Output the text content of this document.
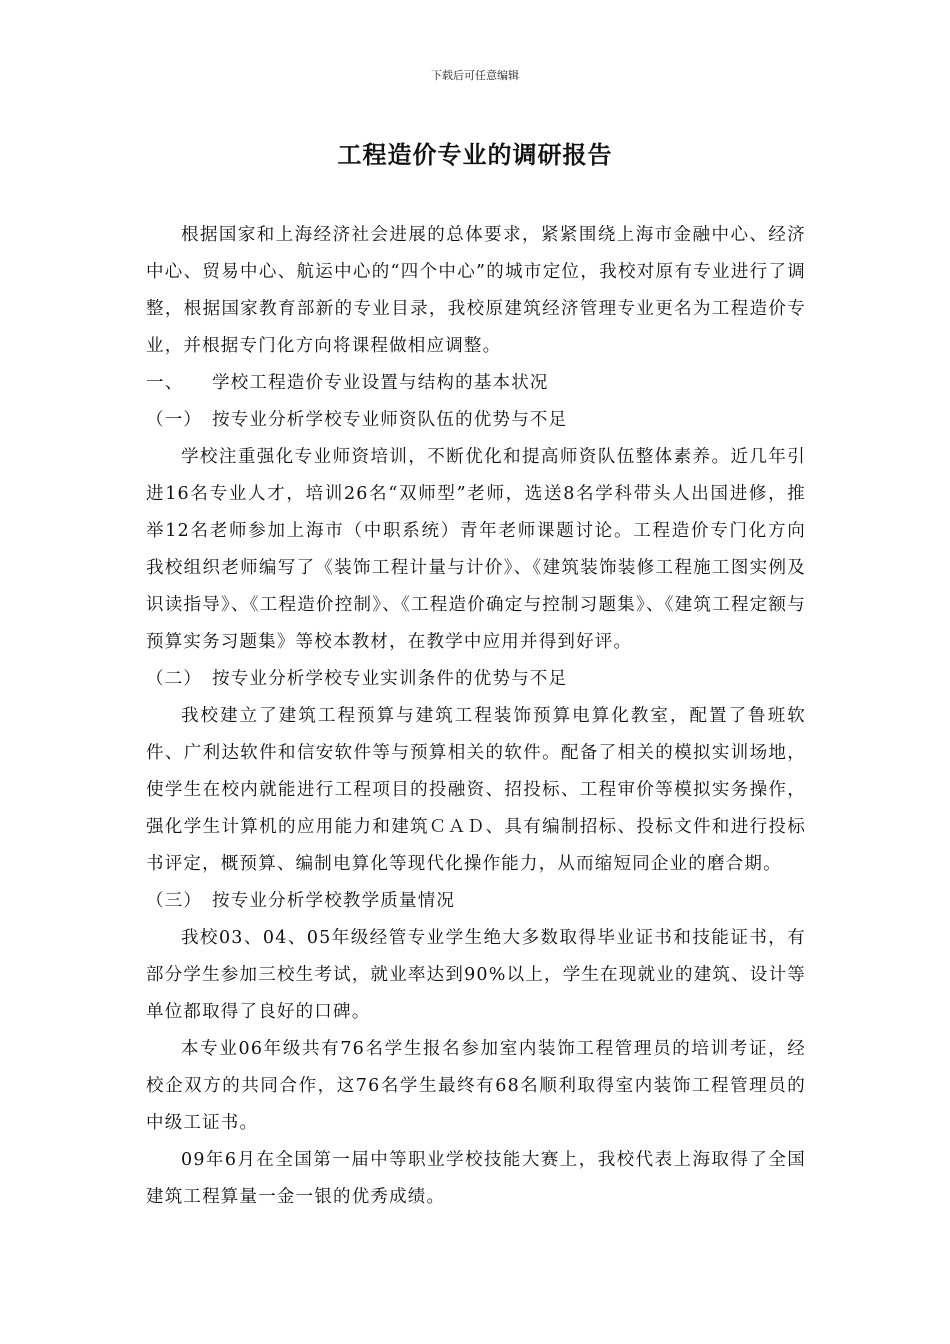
下载后可任意编辑
工程造价专业的调研报告

根据国家和上海经济社会进展的总体要求，紧紧围绕上海市金融中心、经济中心、贸易中心、航运中心的“四个中心”的城市定位，我校对原有专业进行了调整，根据国家教育部新的专业目录，我校原建筑经济管理专业更名为工程造价专业，并根据专门化方向将课程做相应调整。

一、 学校工程造价专业设置与结构的基本状况

（一） 按专业分析学校专业师资队伍的优势与不足

学校注重强化专业师资培训，不断优化和提高师资队伍整体素养。近几年引进16名专业人才，培训26名“双师型”老师，选送8名学科带头人出国进修，推举12名老师参加上海市（中职系统）青年老师课题讨论。工程造价专门化方向我校组织老师编写了《装饰工程计量与计价》、《建筑装饰装修工程施工图实例及识读指导》、《工程造价控制》、《工程造价确定与控制习题集》、《建筑工程定额与预算实务习题集》等校本教材，在教学中应用并得到好评。

（二） 按专业分析学校专业实训条件的优势与不足

我校建立了建筑工程预算与建筑工程装饰预算电算化教室，配置了鲁班软件、广利达软件和信安软件等与预算相关的软件。配备了相关的模拟实训场地，使学生在校内就能进行工程项目的投融资、招投标、工程审价等模拟实务操作，强化学生计算机的应用能力和建筑ＣＡＤ、具有编制招标、投标文件和进行投标书评定，概预算、编制电算化等现代化操作能力，从而缩短同企业的磨合期。

（三） 按专业分析学校教学质量情况

我校03、04、05年级经管专业学生绝大多数取得毕业证书和技能证书，有部分学生参加三校生考试，就业率达到90%以上，学生在现就业的建筑、设计等单位都取得了良好的口碑。

本专业06年级共有76名学生报名参加室内装饰工程管理员的培训考证，经校企双方的共同合作，这76名学生最终有68名顺利取得室内装饰工程管理员的中级工证书。

09年6月在全国第一届中等职业学校技能大赛上，我校代表上海取得了全国建筑工程算量一金一银的优秀成绩。
